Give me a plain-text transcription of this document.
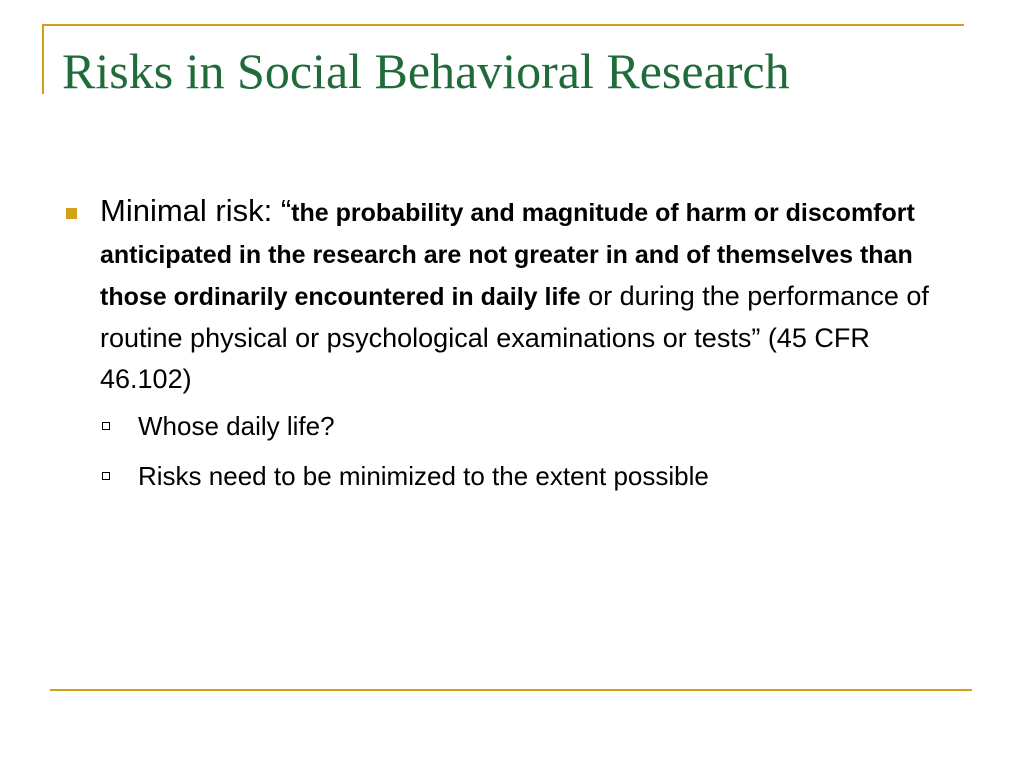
Risks in Social Behavioral Research
Minimal risk: “the probability and magnitude of harm or discomfort anticipated in the research are not greater in and of themselves than those ordinarily encountered in daily life or during the performance of routine physical or psychological examinations or tests” (45 CFR 46.102)
Whose daily life?
Risks need to be minimized to the extent possible
